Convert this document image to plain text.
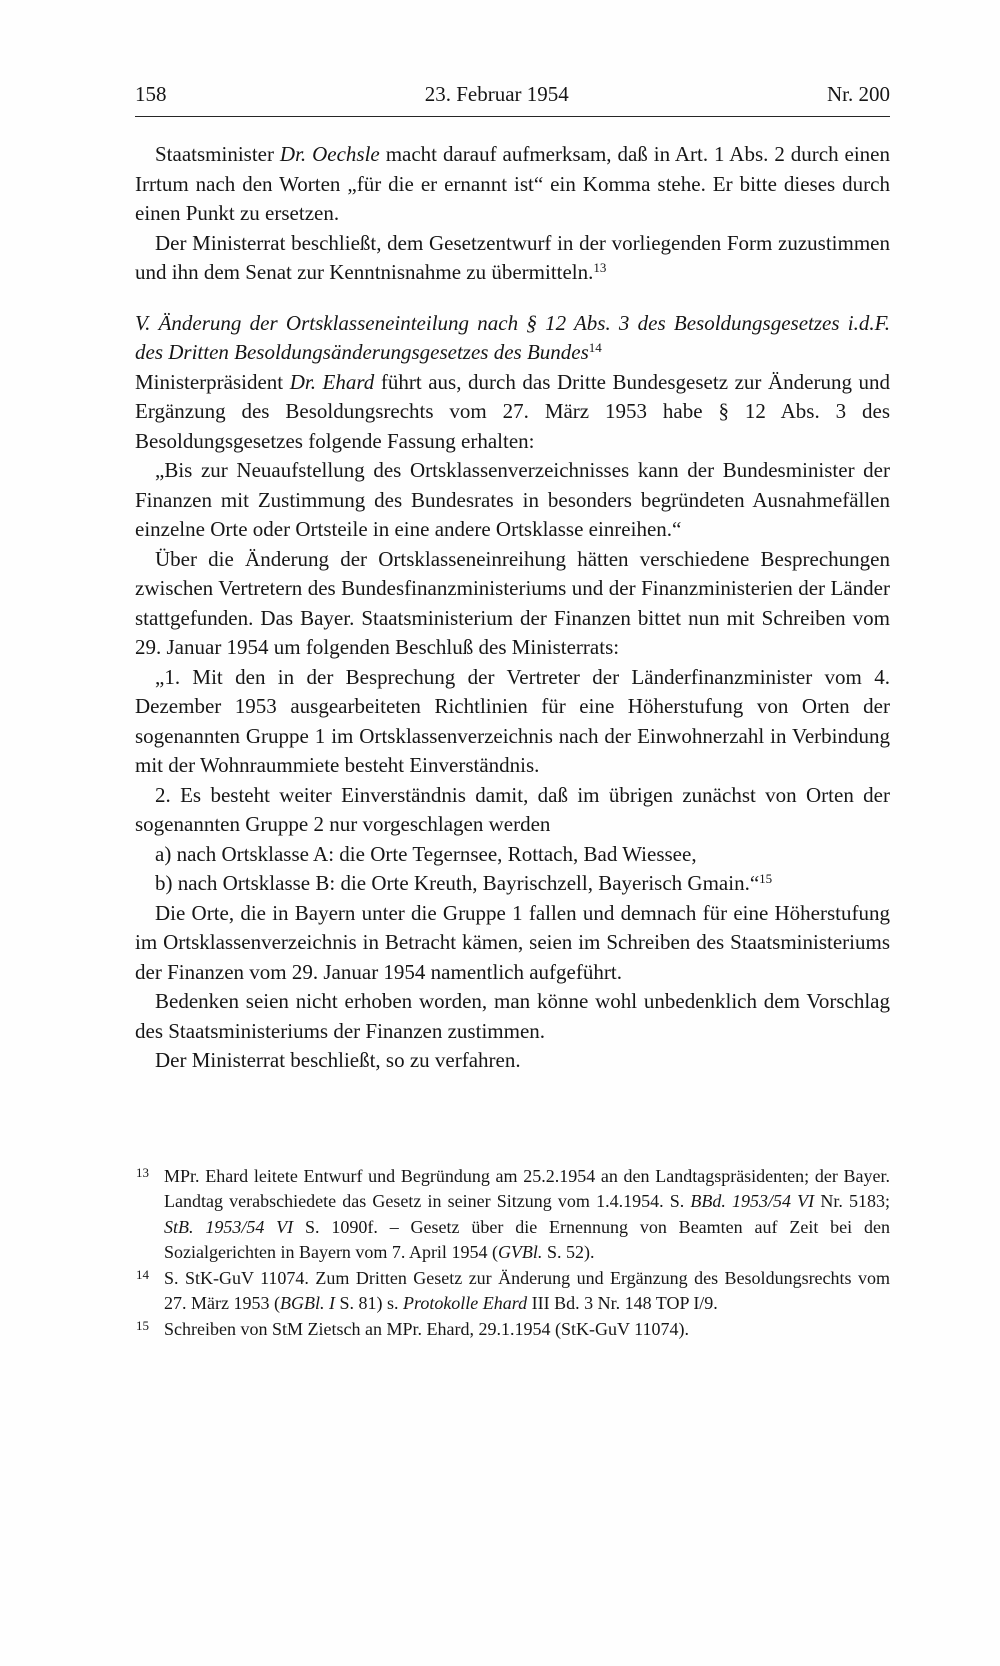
158	23. Februar 1954	Nr. 200

Staatsminister Dr. Oechsle macht darauf aufmerksam, daß in Art. 1 Abs. 2 durch einen Irrtum nach den Worten „für die er ernannt ist“ ein Komma stehe. Er bitte dieses durch einen Punkt zu ersetzen.

Der Ministerrat beschließt, dem Gesetzentwurf in der vorliegenden Form zuzustimmen und ihn dem Senat zur Kenntnisnahme zu übermitteln.$^{13}$

V. Änderung der Ortsklasseneinteilung nach § 12 Abs. 3 des Besoldungsgesetzes i.d.F. des Dritten Besoldungsänderungsgesetzes des Bundes$^{14}$

Ministerpräsident Dr. Ehard führt aus, durch das Dritte Bundesgesetz zur Änderung und Ergänzung des Besoldungsrechts vom 27. März 1953 habe § 12 Abs. 3 des Besoldungsgesetzes folgende Fassung erhalten:

„Bis zur Neuaufstellung des Ortsklassenverzeichnisses kann der Bundesminister der Finanzen mit Zustimmung des Bundesrates in besonders begründeten Ausnahmefällen einzelne Orte oder Ortsteile in eine andere Ortsklasse einreihen.“

Über die Änderung der Ortsklasseneinreihung hätten verschiedene Besprechungen zwischen Vertretern des Bundesfinanzministeriums und der Finanzministerien der Länder stattgefunden. Das Bayer. Staatsministerium der Finanzen bittet nun mit Schreiben vom 29. Januar 1954 um folgenden Beschluß des Ministerrats:

„1. Mit den in der Besprechung der Vertreter der Länderfinanzminister vom 4. Dezember 1953 ausgearbeiteten Richtlinien für eine Höherstufung von Orten der sogenannten Gruppe 1 im Ortsklassenverzeichnis nach der Einwohnerzahl in Verbindung mit der Wohnraummiete besteht Einverständnis.

2. Es besteht weiter Einverständnis damit, daß im übrigen zunächst von Orten der sogenannten Gruppe 2 nur vorgeschlagen werden

a) nach Ortsklasse A: die Orte Tegernsee, Rottach, Bad Wiessee,

b) nach Ortsklasse B: die Orte Kreuth, Bayrischzell, Bayerisch Gmain.“$^{15}$

Die Orte, die in Bayern unter die Gruppe 1 fallen und demnach für eine Höherstufung im Ortsklassenverzeichnis in Betracht kämen, seien im Schreiben des Staatsministeriums der Finanzen vom 29. Januar 1954 namentlich aufgeführt.

Bedenken seien nicht erhoben worden, man könne wohl unbedenklich dem Vorschlag des Staatsministeriums der Finanzen zustimmen.

Der Ministerrat beschließt, so zu verfahren.

13 MPr. Ehard leitete Entwurf und Begründung am 25.2.1954 an den Landtagspräsidenten; der Bayer. Landtag verabschiedete das Gesetz in seiner Sitzung vom 1.4.1954. S. BBd. 1953/54 VI Nr. 5183; StB. 1953/54 VI S. 1090f. – Gesetz über die Ernennung von Beamten auf Zeit bei den Sozialgerichten in Bayern vom 7. April 1954 (GVBl. S. 52).

14 S. StK-GuV 11074. Zum Dritten Gesetz zur Änderung und Ergänzung des Besoldungsrechts vom 27. März 1953 (BGBl. I S. 81) s. Protokolle Ehard III Bd. 3 Nr. 148 TOP I/9.

15 Schreiben von StM Zietsch an MPr. Ehard, 29.1.1954 (StK-GuV 11074).
